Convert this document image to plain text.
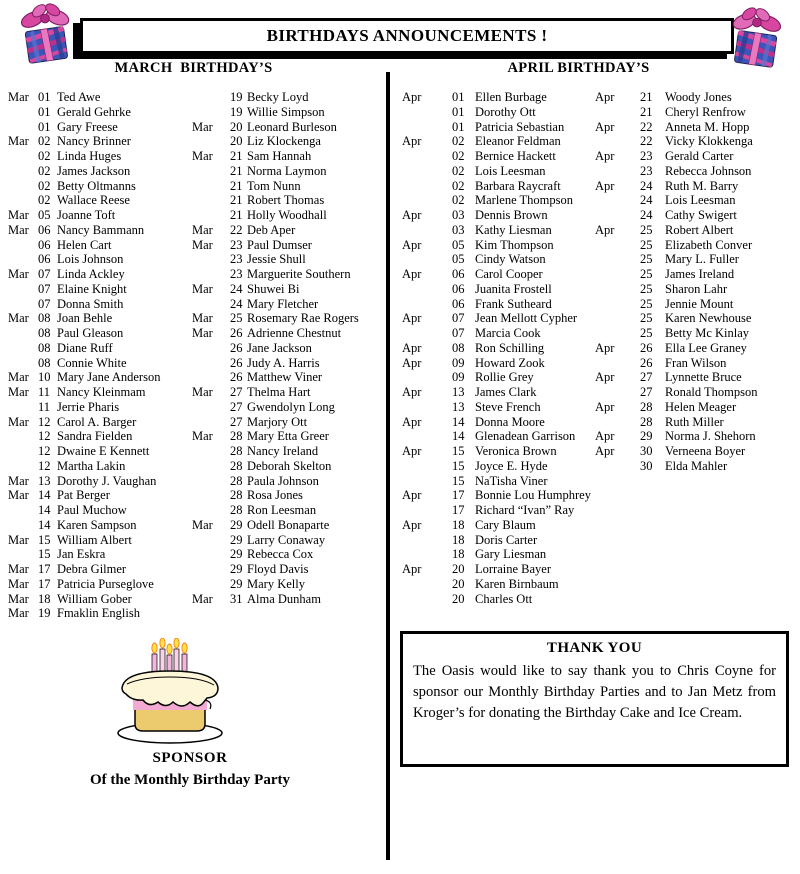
BIRTHDAYS ANNOUNCEMENTS !
MARCH  BIRTHDAY’S	APRIL BIRTHDAY’S
Mar 01 Ted Awe
01 Gerald Gehrke
01 Gary Freese
Mar 02 Nancy Brinner
02 Linda Huges
02 James Jackson
02 Betty Oltmanns
02 Wallace Reese
Mar 05 Joanne Toft
Mar 06 Nancy Bammann
06 Helen Cart
06 Lois Johnson
Mar 07 Linda Ackley
07 Elaine Knight
07 Donna Smith
Mar 08 Joan Behle
08 Paul Gleason
08 Diane Ruff
08 Connie White
Mar 10 Mary Jane Anderson
Mar 11 Nancy Kleinmam
11 Jerrie Pharis
Mar 12 Carol A. Barger
12 Sandra Fielden
12 Dwaine E Kennett
12 Martha Lakin
Mar 13 Dorothy J. Vaughan
Mar 14 Pat Berger
14 Paul Muchow
14 Karen Sampson
Mar 15 William Albert
15 Jan Eskra
Mar 17 Debra Gilmer
Mar 17 Patricia Purseglove
Mar 18 William Gober
Mar 19 Fmaklin English
19 Becky Loyd
19 Willie Simpson
Mar	20 Leonard Burleson
20 Liz Klockenga
Mar	21 Sam Hannah
21 Norma Laymon
21 Tom Nunn
21 Robert Thomas
21 Holly Woodhall
Mar	22 Deb Aper
Mar	23 Paul Dumser
23 Jessie Shull
23 Marguerite Southern
Mar	24 Shuwei Bi
24 Mary Fletcher
Mar	25 Rosemary Rae Rogers
Mar	26 Adrienne Chestnut
26 Jane Jackson
26 Judy A. Harris
26 Matthew Viner
Mar	27 Thelma Hart
27 Gwendolyn Long
27 Marjory Ott
Mar	28 Mary Etta Greer
28 Nancy Ireland
28 Deborah Skelton
28 Paula Johnson
28 Rosa Jones
28 Ron Leesman
Mar	29 Odell Bonaparte
29 Larry Conaway
29 Rebecca Cox
29 Floyd Davis
29 Mary Kelly
Mar	31 Alma Dunham
Apr	01 Ellen Burbage
01 Dorothy Ott
01 Patricia Sebastian
Apr	02 Eleanor Feldman
02 Bernice Hackett
02 Lois Leesman
02 Barbara Raycraft
02 Marlene Thompson
Apr	03 Dennis Brown
03 Kathy Liesman
Apr	05 Kim Thompson
05 Cindy Watson
Apr	06 Carol Cooper
06 Juanita Frostell
06 Frank Sutheard
Apr	07 Jean Mellott Cypher
07 Marcia Cook
Apr	08 Ron Schilling
Apr	09 Howard Zook
09 Rollie Grey
Apr	13 James Clark
13 Steve French
Apr	14 Donna Moore
14 Glenadean Garrison
Apr	15 Veronica Brown
15 Joyce E. Hyde
15 NaTisha Viner
Apr	17 Bonnie Lou Humphrey
17 Richard “Ivan” Ray
Apr	18 Cary Blaum
18 Doris Carter
18 Gary Liesman
Apr	20 Lorraine Bayer
20 Karen Birnbaum
20 Charles Ott
Apr	21	Woody Jones
21	Cheryl Renfrow
Apr	22	Anneta M. Hopp
22	Vicky Klokkenga
Apr	23	Gerald Carter
23	Rebecca Johnson
Apr	24	Ruth M. Barry
24	Lois Leesman
24	Cathy Swigert
Apr	25	Robert Albert
25	Elizabeth Conver
25	Mary L. Fuller
25	James Ireland
25	Sharon Lahr
25	Jennie Mount
25	Karen Newhouse
25	Betty Mc Kinlay
Apr	26	Ella Lee Graney
26	Fran Wilson
Apr	27	Lynnette Bruce
27	Ronald Thompson
Apr	28	Helen Meager
28	Ruth Miller
Apr	29	Norma J. Shehorn
Apr	30	Verneena Boyer
30	Elda Mahler
SPONSOR
Of the Monthly Birthday Party
THANK YOU
The Oasis would like to say thank you to Chris Coyne for sponsor our Monthly Birthday Parties and to Jan Metz from Kroger’s for donating the Birthday Cake and Ice Cream.
